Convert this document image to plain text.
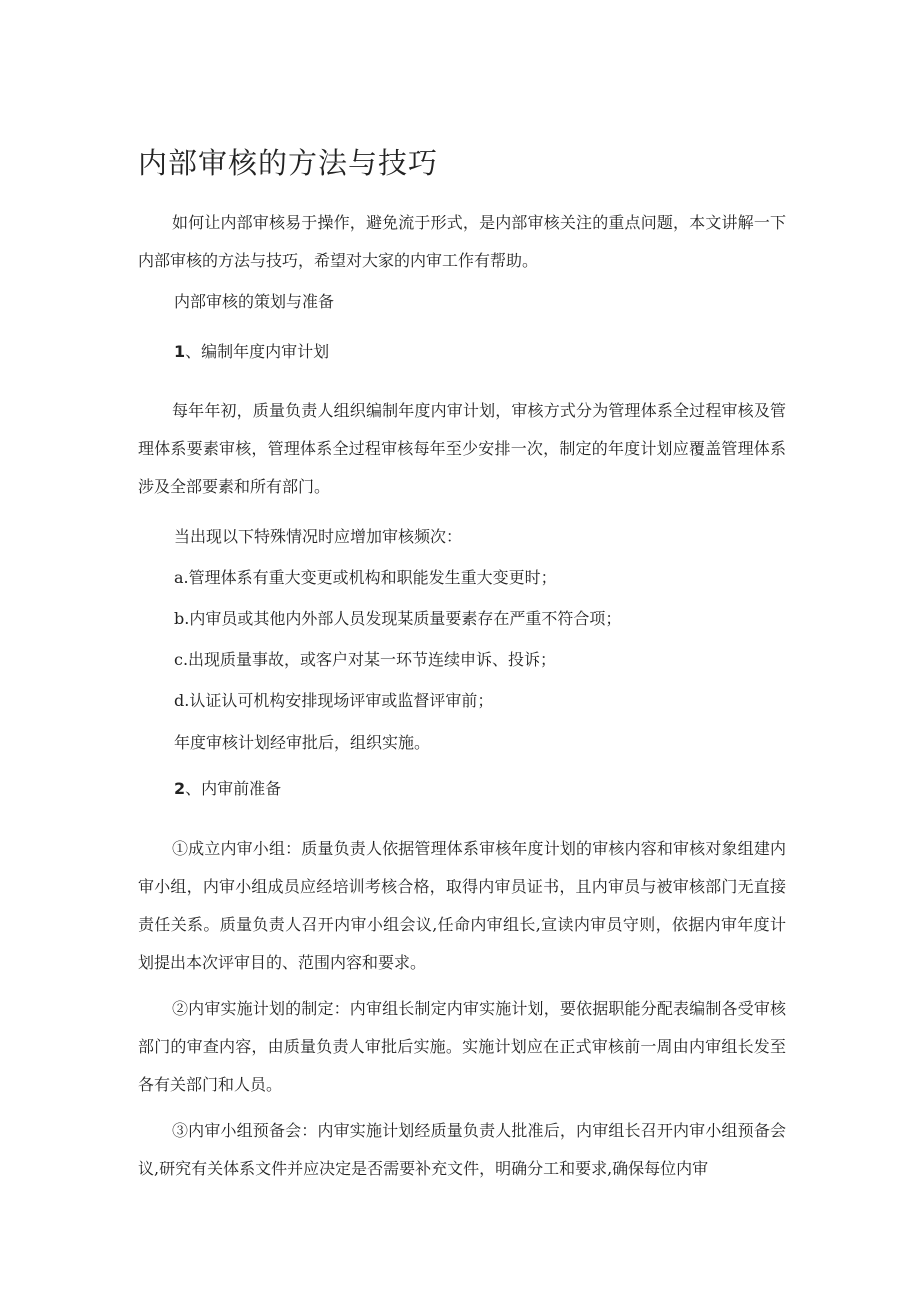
内部审核的方法与技巧

如何让内部审核易于操作，避免流于形式，是内部审核关注的重点问题，本文讲解一下内部审核的方法与技巧，希望对大家的内审工作有帮助。

内部审核的策划与准备
1、编制年度内审计划

每年年初，质量负责人组织编制年度内审计划，审核方式分为管理体系全过程审核及管理体系要素审核，管理体系全过程审核每年至少安排一次，制定的年度计划应覆盖管理体系涉及全部要素和所有部门。

当出现以下特殊情况时应增加审核频次：
a.管理体系有重大变更或机构和职能发生重大变更时；
b.内审员或其他内外部人员发现某质量要素存在严重不符合项；
c.出现质量事故，或客户对某一环节连续申诉、投诉；
d.认证认可机构安排现场评审或监督评审前；
年度审核计划经审批后，组织实施。
2、内审前准备

①成立内审小组：质量负责人依据管理体系审核年度计划的审核内容和审核对象组建内审小组，内审小组成员应经培训考核合格，取得内审员证书，且内审员与被审核部门无直接责任关系。质量负责人召开内审小组会议,任命内审组长,宣读内审员守则，依据内审年度计划提出本次评审目的、范围内容和要求。

②内审实施计划的制定：内审组长制定内审实施计划，要依据职能分配表编制各受审核部门的审查内容，由质量负责人审批后实施。实施计划应在正式审核前一周由内审组长发至各有关部门和人员。

③内审小组预备会：内审实施计划经质量负责人批准后，内审组长召开内审小组预备会议,研究有关体系文件并应决定是否需要补充文件，明确分工和要求,确保每位内审
